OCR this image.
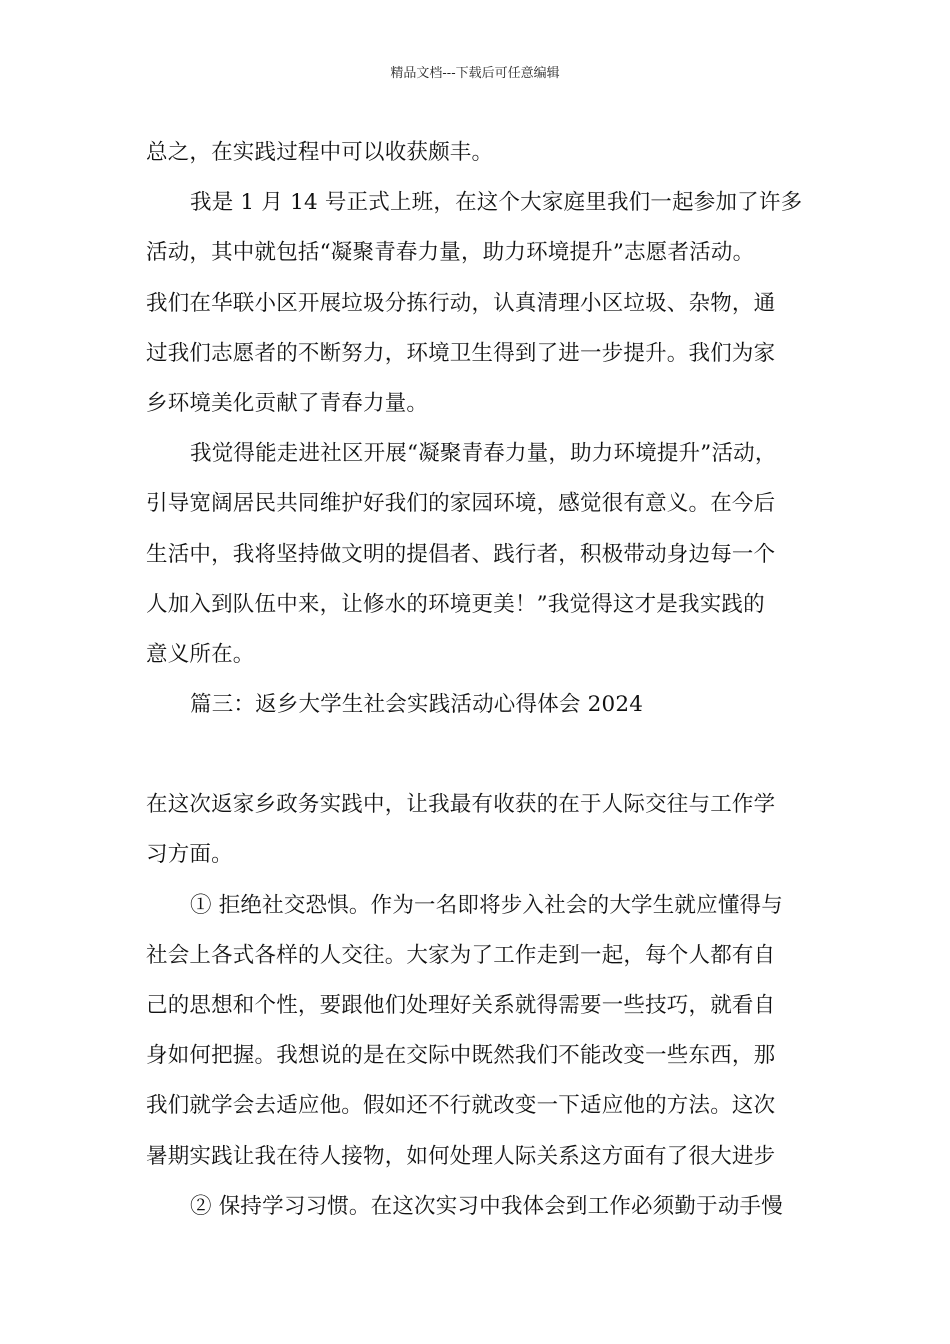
精品文档---下载后可任意编辑
总之，在实践过程中可以收获颇丰。
我是 1 月 14 号正式上班，在这个大家庭里我们一起参加了许多
活动，其中就包括“凝聚青春力量，助力环境提升”志愿者活动。
我们在华联小区开展垃圾分拣行动，认真清理小区垃圾、杂物，通
过我们志愿者的不断努力，环境卫生得到了进一步提升。我们为家
乡环境美化贡献了青春力量。
我觉得能走进社区开展“凝聚青春力量，助力环境提升”活动，
引导宽阔居民共同维护好我们的家园环境，感觉很有意义。在今后
生活中，我将坚持做文明的提倡者、践行者，积极带动身边每一个
人加入到队伍中来，让修水的环境更美！”我觉得这才是我实践的
意义所在。
篇三：返乡大学生社会实践活动心得体会 2024
在这次返家乡政务实践中，让我最有收获的在于人际交往与工作学
习方面。
① 拒绝社交恐惧。作为一名即将步入社会的大学生就应懂得与
社会上各式各样的人交往。大家为了工作走到一起，每个人都有自
己的思想和个性，要跟他们处理好关系就得需要一些技巧，就看自
身如何把握。我想说的是在交际中既然我们不能改变一些东西，那
我们就学会去适应他。假如还不行就改变一下适应他的方法。这次
暑期实践让我在待人接物，如何处理人际关系这方面有了很大进步
② 保持学习习惯。在这次实习中我体会到工作必须勤于动手慢
